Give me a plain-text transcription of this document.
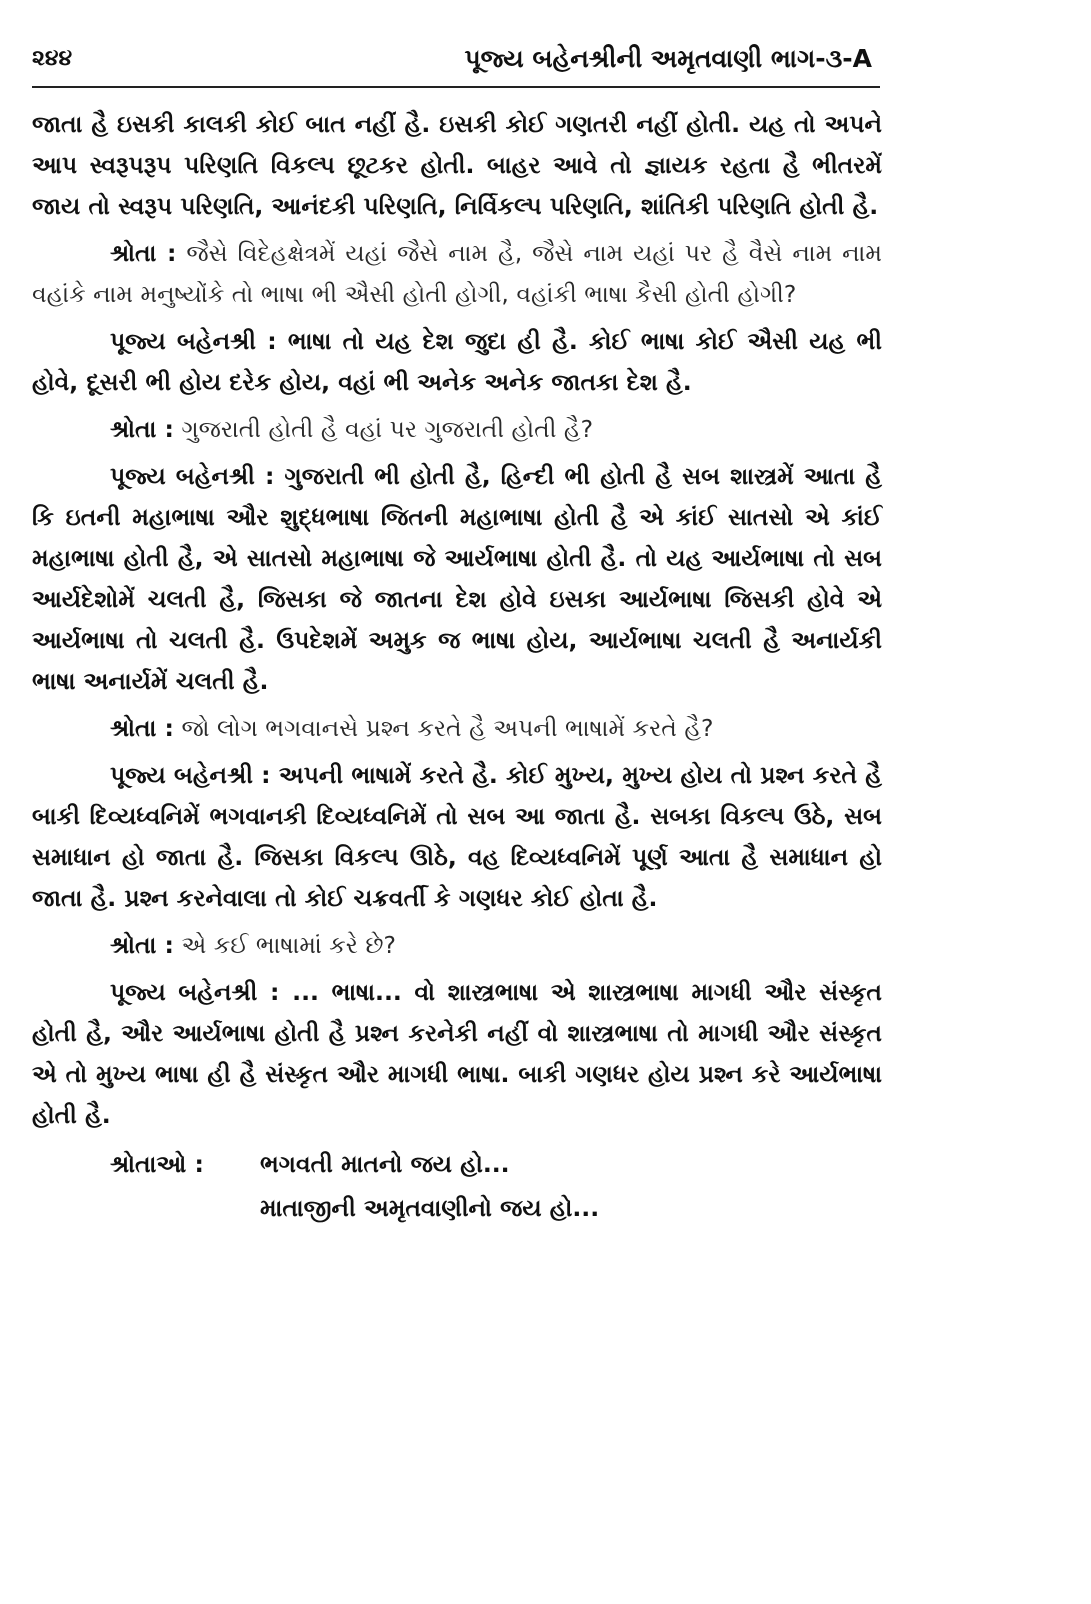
૨૪૪	પૂજ્ય બહેનશ્રીની અમૃતવાણી ભાગ-૩-A

જાતા હૈ ઇસકી કાલકી કોઈ બાત નહીં હૈ. ઇસકી કોઈ ગણતરી નહીં હોતી. યહ તો અપને આપ સ્વરૂપરૂપ પરિણતિ વિકલ્પ છૂટકર હોતી. બાહર આવે તો જ્ઞાયક રહતા હૈ ભીતરમેં જાય તો સ્વરૂપ પરિણતિ, આનંદકી પરિણતિ, નિર્વિકલ્પ પરિણતિ, શાંતિકી પરિણતિ હોતી હૈ.

શ્રોતા : જૈસે વિદેહક્ષેત્રમેં યહાં જૈસે નામ હૈ, જૈસે નામ યહાં પર હૈ વૈસે નામ નામ વહાંકે નામ મનુષ્યોંકે તો ભાષા ભી ઐસી હોતી હોગી, વહાંકી ભાષા કૈસી હોતી હોગી?

પૂજ્ય બહેનશ્રી : ભાષા તો યહ દેશ જુદા હી હૈ. કોઈ ભાષા કોઈ ઐસી યહ ભી હોવે, દૂસરી ભી હોય દરેક હોય, વહાં ભી અનેક અનેક જાતકા દેશ હૈ.

શ્રોતા : ગુજરાતી હોતી હૈ વહાં પર ગુજરાતી હોતી હૈ?

પૂજ્ય બહેનશ્રી : ગુજરાતી ભી હોતી હૈ, હિન્દી ભી હોતી હૈ સબ શાસ્ત્રમેં આતા હૈ કિ ઇતની મહાભાષા ઔર શુદ્ધભાષા જિતની મહાભાષા હોતી હૈ એ કાંઈ સાતસો એ કાંઈ મહાભાષા હોતી હૈ, એ સાતસો મહાભાષા જે આર્યભાષા હોતી હૈ. તો યહ આર્યભાષા તો સબ આર્યદેશોમેં ચલતી હૈ, જિસકા જે જાતના દેશ હોવે ઇસકા આર્યભાષા જિસકી હોવે એ આર્યભાષા તો ચલતી હૈ. ઉપદેશમેં અમુક જ ભાષા હોય, આર્યભાષા ચલતી હૈ અનાર્યકી ભાષા અનાર્યમેં ચલતી હૈ.

શ્રોતા : જો લોગ ભગવાનસે પ્રશ્ન કરતે હૈ અપની ભાષામેં કરતે હૈ?

પૂજ્ય બહેનશ્રી : અપની ભાષામેં કરતે હૈ. કોઈ મુખ્ય, મુખ્ય હોય તો પ્રશ્ન કરતે હૈ બાકી દિવ્યધ્વનિમેં ભગવાનકી દિવ્યધ્વનિમેં તો સબ આ જાતા હૈ. સબકા વિકલ્પ ઉઠે, સબ સમાધાન હો જાતા હૈ. જિસકા વિકલ્પ ઊઠે, વહ દિવ્યધ્વનિમેં પૂર્ણ આતા હૈ સમાધાન હો જાતા હૈ. પ્રશ્ન કરનેવાલા તો કોઈ ચક્રવર્તી કે ગણધર કોઈ હોતા હૈ.

શ્રોતા : એ કઈ ભાષામાં કરે છે?

પૂજ્ય બહેનશ્રી : ... ભાષા... વો શાસ્ત્રભાષા એ શાસ્ત્રભાષા માગધી ઔર સંસ્કૃત હોતી હૈ, ઔર આર્યભાષા હોતી હૈ પ્રશ્ન કરનેકી નહીં વો શાસ્ત્રભાષા તો માગધી ઔર સંસ્કૃત એ તો મુખ્ય ભાષા હી હૈ સંસ્કૃત ઔર માગધી ભાષા. બાકી ગણધર હોય પ્રશ્ન કરે આર્યભાષા હોતી હૈ.

શ્રોતાઓ :	ભગવતી માતનો જય હો...
માતાજીની અમૃતવાણીનો જય હો...
